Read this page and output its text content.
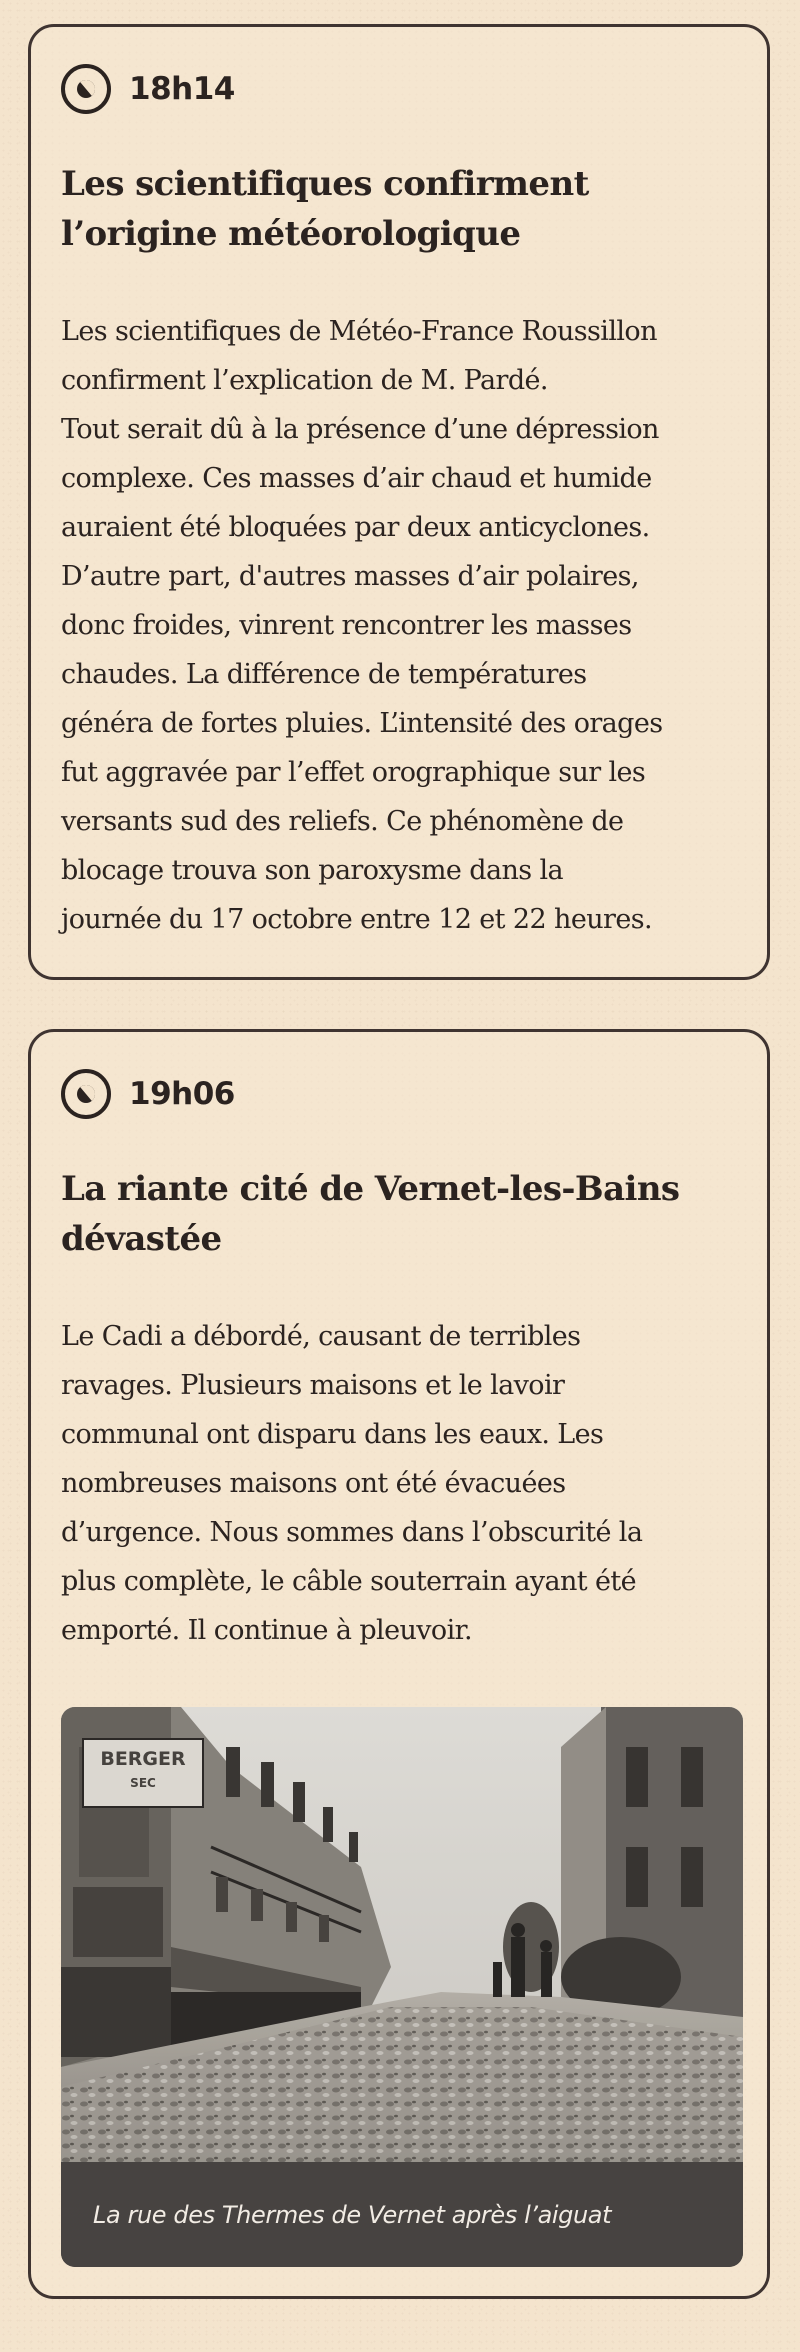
18h14
Les scientifiques confirment
l’origine météorologique

Les scientifiques de Météo-France Roussillon
confirment l’explication de M. Pardé.
Tout serait dû à la présence d’une dépression
complexe. Ces masses d’air chaud et humide
auraient été bloquées par deux anticyclones.
D’autre part, d'autres masses d’air polaires,
donc froides, vinrent rencontrer les masses
chaudes. La différence de températures
généra de fortes pluies. L’intensité des orages
fut aggravée par l’effet orographique sur les
versants sud des reliefs. Ce phénomène de
blocage trouva son paroxysme dans la
journée du 17 octobre entre 12 et 22 heures.

19h06
La riante cité de Vernet-les-Bains
dévastée

Le Cadi a débordé, causant de terribles
ravages. Plusieurs maisons et le lavoir
communal ont disparu dans les eaux. Les
nombreuses maisons ont été évacuées
d’urgence. Nous sommes dans l’obscurité la
plus complète, le câble souterrain ayant été
emporté. Il continue à pleuvoir.

BERGER
SEC
La rue des Thermes de Vernet après l’aiguat
